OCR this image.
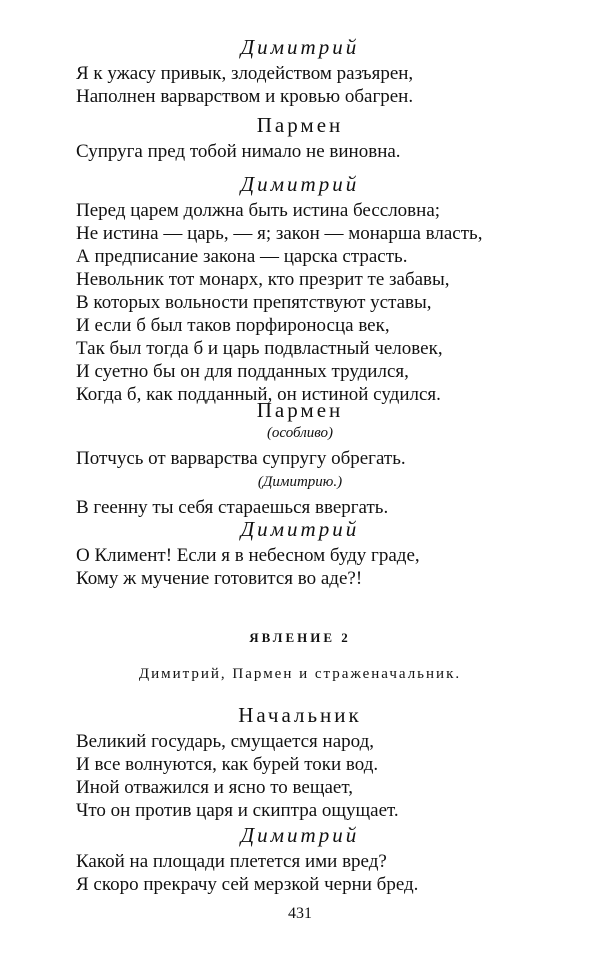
Димитрий

Я к ужасу привык, злодейством разъярен,
Наполнен варварством и кровью обагрен.

Пармен

Супруга пред тобой нимало не виновна.

Димитрий

Перед царем должна быть истина бессловна;
Не истина — царь, — я; закон — монарша власть,
А предписание закона — царска страсть.
Невольник тот монарх, кто презрит те забавы,
В которых вольности препятствуют уставы,
И если б был таков порфироносца век,
Так был тогда б и царь подвластный человек,
И суетно бы он для подданных трудился,
Когда б, как подданный, он истиной судился.

Пармен

(особливо)

Потчусь от варварства супругу обрегать.

(Димитрию.)

В геенну ты себя стараешься ввергать.

Димитрий

О Климент! Если я в небесном буду граде,
Кому ж мучение готовится во аде?!

ЯВЛЕНИЕ 2

Димитрий, Пармен и страженачальник.

Начальник

Великий государь, смущается народ,
И все волнуются, как бурей токи вод.
Иной отважился и ясно то вещает,
Что он против царя и скиптра ощущает.

Димитрий

Какой на площади плетется ими вред?
Я скоро прекрачу сей мерзкой черни бред.
431
